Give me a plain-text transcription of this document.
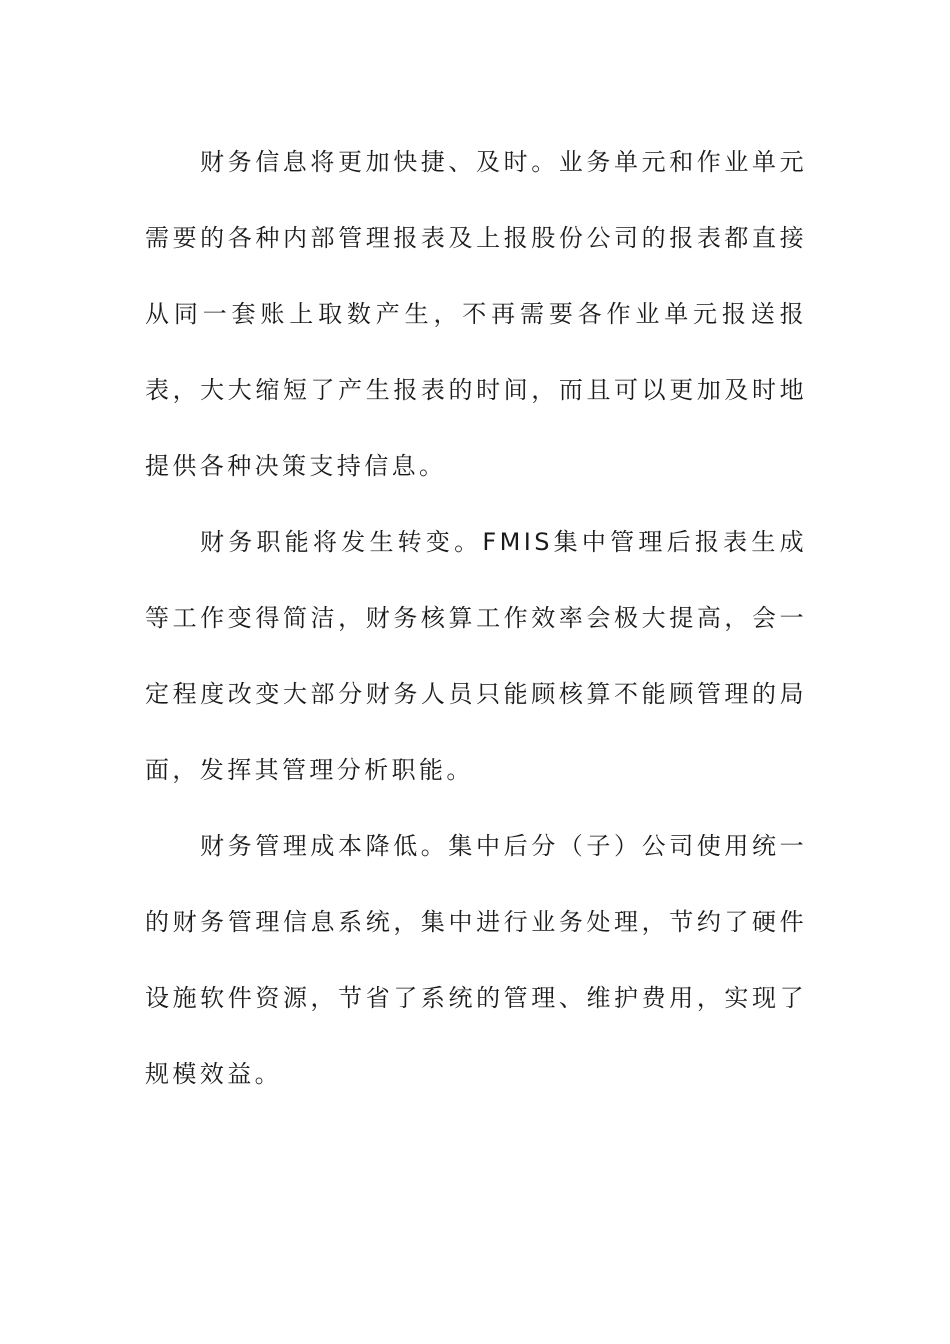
财务信息将更加快捷、及时。业务单元和作业单元需要的各种内部管理报表及上报股份公司的报表都直接从同一套账上取数产生，不再需要各作业单元报送报表，大大缩短了产生报表的时间，而且可以更加及时地提供各种决策支持信息。

财务职能将发生转变。FMIS集中管理后报表生成等工作变得简洁，财务核算工作效率会极大提高，会一定程度改变大部分财务人员只能顾核算不能顾管理的局面，发挥其管理分析职能。

财务管理成本降低。集中后分（子）公司使用统一的财务管理信息系统，集中进行业务处理，节约了硬件设施软件资源，节省了系统的管理、维护费用，实现了规模效益。
